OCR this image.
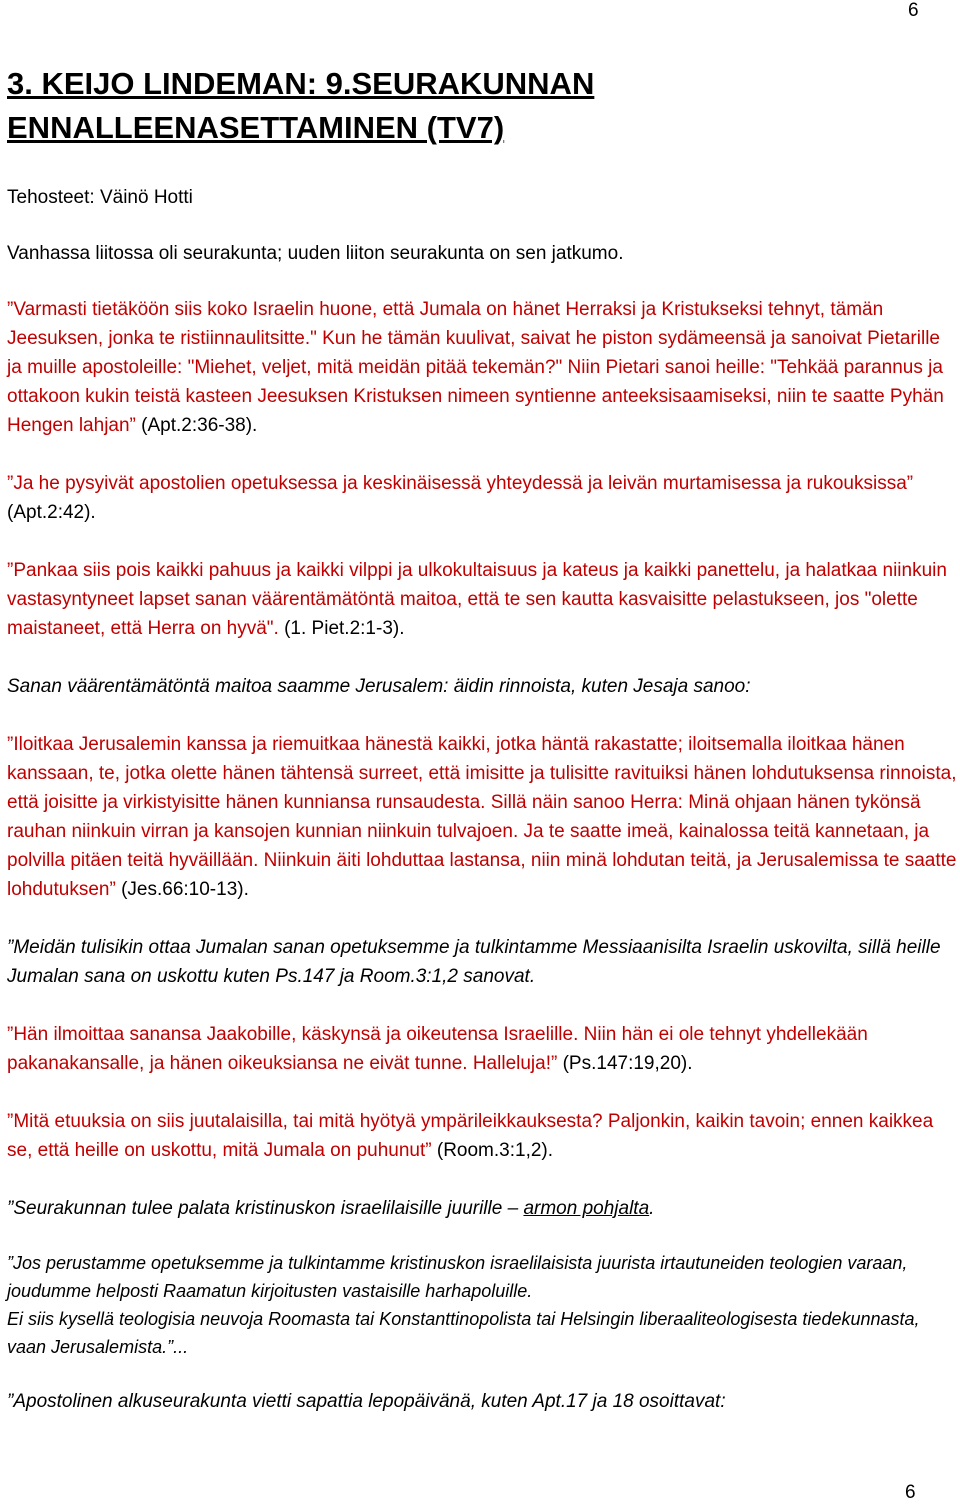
6
3. KEIJO LINDEMAN: 9.SEURAKUNNAN ENNALLEENASETTAMINEN (TV7)

Tehosteet: Väinö Hotti

Vanhassa liitossa oli seurakunta; uuden liiton seurakunta on sen jatkumo.

”Varmasti tietäköön siis koko Israelin huone, että Jumala on hänet Herraksi ja Kristukseksi tehnyt, tämän Jeesuksen, jonka te ristiinnaulitsitte." Kun he tämän kuulivat, saivat he piston sydämeensä ja sanoivat Pietarille ja muille apostoleille: "Miehet, veljet, mitä meidän pitää tekemän?" Niin Pietari sanoi heille: "Tehkää parannus ja ottakoon kukin teistä kasteen Jeesuksen Kristuksen nimeen syntienne anteeksisaamiseksi, niin te saatte Pyhän Hengen lahjan” (Apt.2:36-38).

”Ja he pysyivät apostolien opetuksessa ja keskinäisessä yhteydessä ja leivän murtamisessa ja rukouksissa” (Apt.2:42).

”Pankaa siis pois kaikki pahuus ja kaikki vilppi ja ulkokultaisuus ja kateus ja kaikki panettelu, ja halatkaa niinkuin vastasyntyneet lapset sanan väärentämätöntä maitoa, että te sen kautta kasvaisitte pelastukseen, jos "olette maistaneet, että Herra on hyvä". (1. Piet.2:1-3).

Sanan väärentämätöntä maitoa saamme Jerusalem: äidin rinnoista, kuten Jesaja sanoo:

”Iloitkaa Jerusalemin kanssa ja riemuitkaa hänestä kaikki, jotka häntä rakastatte; iloitsemalla iloitkaa hänen kanssaan, te, jotka olette hänen tähtensä surreet, että imisitte ja tulisitte ravituiksi hänen lohdutuksensa rinnoista, että joisitte ja virkistyisitte hänen kunniansa runsaudesta. Sillä näin sanoo Herra: Minä ohjaan hänen tykönsä rauhan niinkuin virran ja kansojen kunnian niinkuin tulvajoen. Ja te saatte imeä, kainalossa teitä kannetaan, ja polvilla pitäen teitä hyväillään. Niinkuin äiti lohduttaa lastansa, niin minä lohdutan teitä, ja Jerusalemissa te saatte lohdutuksen” (Jes.66:10-13).

”Meidän tulisikin ottaa Jumalan sanan opetuksemme ja tulkintamme Messiaanisilta Israelin uskovilta, sillä heille Jumalan sana on uskottu kuten Ps.147 ja Room.3:1,2 sanovat.

”Hän ilmoittaa sanansa Jaakobille, käskynsä ja oikeutensa Israelille. Niin hän ei ole tehnyt yhdellekään pakanakansalle, ja hänen oikeuksiansa ne eivät tunne. Halleluja!” (Ps.147:19,20).

”Mitä etuuksia on siis juutalaisilla, tai mitä hyötyä ympärileikkauksesta? Paljonkin, kaikin tavoin; ennen kaikkea se, että heille on uskottu, mitä Jumala on puhunut” (Room.3:1,2).

”Seurakunnan tulee palata kristinuskon israelilaisille juurille – armon pohjalta.

”Jos perustamme opetuksemme ja tulkintamme kristinuskon israelilaisista juurista irtautuneiden teologien varaan, joudumme helposti Raamatun kirjoitusten vastaisille harhapoluille.

Ei siis kysellä teologisia neuvoja Roomasta tai Konstanttinopolista tai Helsingin liberaaliteologisesta tiedekunnasta, vaan Jerusalemista.”...

”Apostolinen alkuseurakunta vietti sapattia lepopäivänä, kuten Apt.17 ja 18 osoittavat:

6
